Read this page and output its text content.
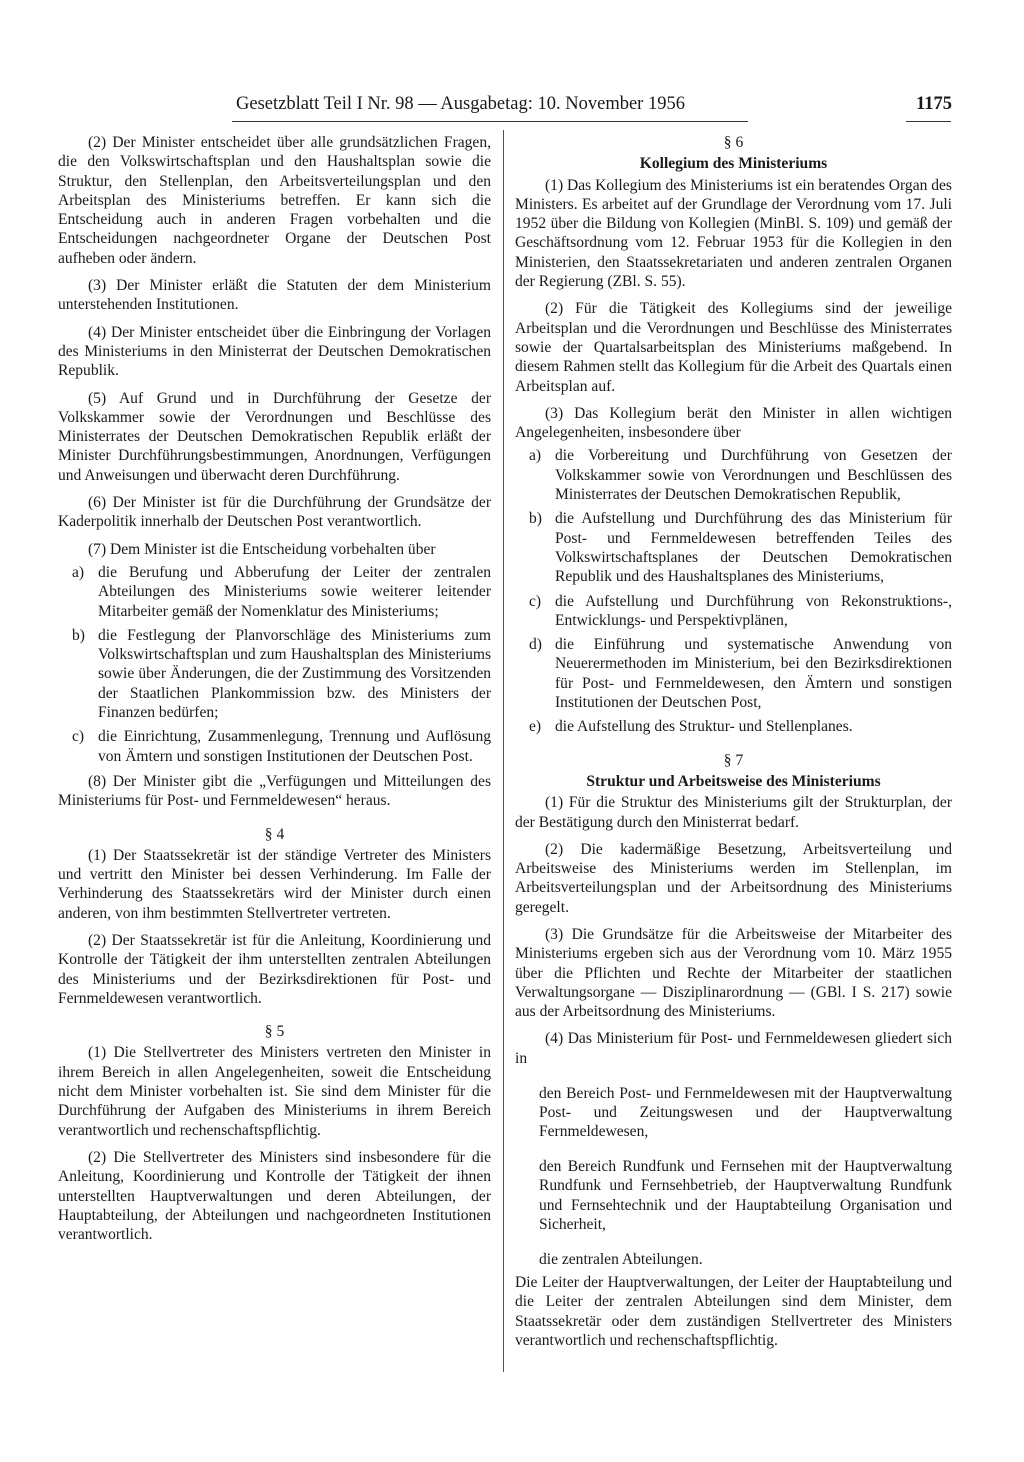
Gesetzblatt Teil I Nr. 98 — Ausgabetag: 10. November 1956	1175

(2) Der Minister entscheidet über alle grundsätzlichen Fragen, die den Volkswirtschaftsplan und den Haushaltsplan sowie die Struktur, den Stellenplan, den Arbeitsverteilungsplan und den Arbeitsplan des Ministeriums betreffen. Er kann sich die Entscheidung auch in anderen Fragen vorbehalten und die Entscheidungen nachgeordneter Organe der Deutschen Post aufheben oder ändern.

(3) Der Minister erläßt die Statuten der dem Ministerium unterstehenden Institutionen.

(4) Der Minister entscheidet über die Einbringung der Vorlagen des Ministeriums in den Ministerrat der Deutschen Demokratischen Republik.

(5) Auf Grund und in Durchführung der Gesetze der Volkskammer sowie der Verordnungen und Beschlüsse des Ministerrates der Deutschen Demokratischen Republik erläßt der Minister Durchführungsbestimmungen, Anordnungen, Verfügungen und Anweisungen und überwacht deren Durchführung.

(6) Der Minister ist für die Durchführung der Grundsätze der Kaderpolitik innerhalb der Deutschen Post verantwortlich.

(7) Dem Minister ist die Entscheidung vorbehalten über

a) die Berufung und Abberufung der Leiter der zentralen Abteilungen des Ministeriums sowie weiterer leitender Mitarbeiter gemäß der Nomenklatur des Ministeriums;
b) die Festlegung der Planvorschläge des Ministeriums zum Volkswirtschaftsplan und zum Haushaltsplan des Ministeriums sowie über Änderungen, die der Zustimmung des Vorsitzenden der Staatlichen Plankommission bzw. des Ministers der Finanzen bedürfen;
c) die Einrichtung, Zusammenlegung, Trennung und Auflösung von Ämtern und sonstigen Institutionen der Deutschen Post.

(8) Der Minister gibt die „Verfügungen und Mitteilungen des Ministeriums für Post- und Fernmeldewesen“ heraus.

§ 4

(1) Der Staatssekretär ist der ständige Vertreter des Ministers und vertritt den Minister bei dessen Verhinderung. Im Falle der Verhinderung des Staatssekretärs wird der Minister durch einen anderen, von ihm bestimmten Stellvertreter vertreten.

(2) Der Staatssekretär ist für die Anleitung, Koordinierung und Kontrolle der Tätigkeit der ihm unterstellten zentralen Abteilungen des Ministeriums und der Bezirksdirektionen für Post- und Fernmeldewesen verantwortlich.

§ 5

(1) Die Stellvertreter des Ministers vertreten den Minister in ihrem Bereich in allen Angelegenheiten, soweit die Entscheidung nicht dem Minister vorbehalten ist. Sie sind dem Minister für die Durchführung der Aufgaben des Ministeriums in ihrem Bereich verantwortlich und rechenschaftspflichtig.

(2) Die Stellvertreter des Ministers sind insbesondere für die Anleitung, Koordinierung und Kontrolle der Tätigkeit der ihnen unterstellten Hauptverwaltungen und deren Abteilungen, der Hauptabteilung, der Abteilungen und nachgeordneten Institutionen verantwortlich.

§ 6
Kollegium des Ministeriums

(1) Das Kollegium des Ministeriums ist ein beratendes Organ des Ministers. Es arbeitet auf der Grundlage der Verordnung vom 17. Juli 1952 über die Bildung von Kollegien (MinBl. S. 109) und gemäß der Geschäftsordnung vom 12. Februar 1953 für die Kollegien in den Ministerien, den Staatssekretariaten und anderen zentralen Organen der Regierung (ZBl. S. 55).

(2) Für die Tätigkeit des Kollegiums sind der jeweilige Arbeitsplan und die Verordnungen und Beschlüsse des Ministerrates sowie der Quartalsarbeitsplan des Ministeriums maßgebend. In diesem Rahmen stellt das Kollegium für die Arbeit des Quartals einen Arbeitsplan auf.

(3) Das Kollegium berät den Minister in allen wichtigen Angelegenheiten, insbesondere über

a) die Vorbereitung und Durchführung von Gesetzen der Volkskammer sowie von Verordnungen und Beschlüssen des Ministerrates der Deutschen Demokratischen Republik,
b) die Aufstellung und Durchführung des das Ministerium für Post- und Fernmeldewesen betreffenden Teiles des Volkswirtschaftsplanes der Deutschen Demokratischen Republik und des Haushaltsplanes des Ministeriums,
c) die Aufstellung und Durchführung von Rekonstruktions-, Entwicklungs- und Perspektivplänen,
d) die Einführung und systematische Anwendung von Neuerermethoden im Ministerium, bei den Bezirksdirektionen für Post- und Fernmeldewesen, den Ämtern und sonstigen Institutionen der Deutschen Post,
e) die Aufstellung des Struktur- und Stellenplanes.
§ 7
Struktur und Arbeitsweise des Ministeriums

(1) Für die Struktur des Ministeriums gilt der Strukturplan, der der Bestätigung durch den Ministerrat bedarf.

(2) Die kadermäßige Besetzung, Arbeitsverteilung und Arbeitsweise des Ministeriums werden im Stellenplan, im Arbeitsverteilungsplan und der Arbeitsordnung des Ministeriums geregelt.

(3) Die Grundsätze für die Arbeitsweise der Mitarbeiter des Ministeriums ergeben sich aus der Verordnung vom 10. März 1955 über die Pflichten und Rechte der Mitarbeiter der staatlichen Verwaltungsorgane — Disziplinarordnung — (GBl. I S. 217) sowie aus der Arbeitsordnung des Ministeriums.

(4) Das Ministerium für Post- und Fernmeldewesen gliedert sich in

den Bereich Post- und Fernmeldewesen mit der Hauptverwaltung Post- und Zeitungswesen und der Hauptverwaltung Fernmeldewesen,

den Bereich Rundfunk und Fernsehen mit der Hauptverwaltung Rundfunk und Fernsehbetrieb, der Hauptverwaltung Rundfunk und Fernsehtechnik und der Hauptabteilung Organisation und Sicherheit,

die zentralen Abteilungen.

Die Leiter der Hauptverwaltungen, der Leiter der Hauptabteilung und die Leiter der zentralen Abteilungen sind dem Minister, dem Staatssekretär oder dem zuständigen Stellvertreter des Ministers verantwortlich und rechenschaftspflichtig.
